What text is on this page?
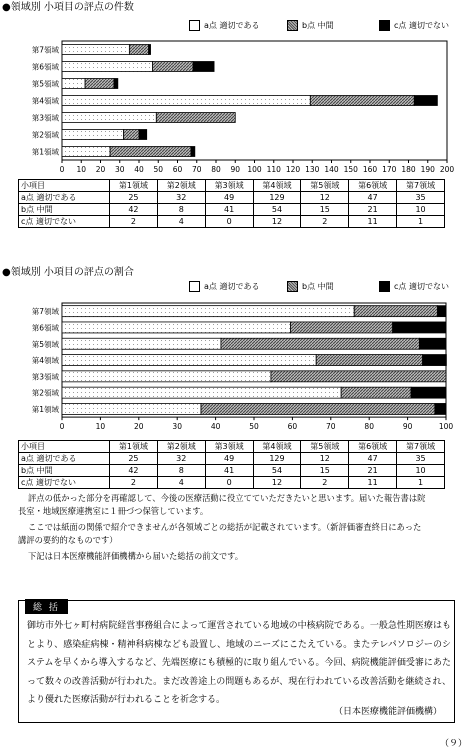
●領域別 小項目の評点の件数
a点 適切である	b点 中間	c点 適切でない
第7領域
第6領域
第5領域
第4領域
第3領域
第2領域
第1領域
0 10 20 30 40 50 60 70 80 90 100 110 120 130 140 150 160 170 180 190 200
小項目	第1領域	第2領域	第3領域	第4領域	第5領域	第6領域	第7領域
a点 適切である	25	32	49	129	12	47	35
b点 中間	42	8	41	54	15	21	10
c点 適切でない	2	4	0	12	2	11	1
●領域別 小項目の評点の割合
a点 適切である	b点 中間	c点 適切でない
第7領域
第6領域
第5領域
第4領域
第3領域
第2領域
第1領域
0	10	20	30	40	50	60	70	80	90	100
小項目	第1領域	第2領域	第3領域	第4領域	第5領域	第6領域	第7領域
a点 適切である	25	32	49	129	12	47	35
b点 中間	42	8	41	54	15	21	10
c点 適切でない	2	4	0	12	2	11	1
評点の低かった部分を再確認して、今後の医療活動に役立てていただきたいと思います。届いた報告書は院
長室・地域医療連携室に１冊づつ保管しています。
ここでは紙面の関係で紹介できませんが各領域ごとの総括が記載されています。（新評価審査終日にあった
講評の要約的なものです）
下記は日本医療機能評価機構から届いた総括の前文です。
総 括
御坊市外七ヶ町村病院経営事務組合によって運営されている地域の中核病院である。一般急性期医療はもとより、感染症病棟・精神科病棟なども設置し、地域のニーズにこたえている。またテレパソロジーのシステムを早くから導入するなど、先端医療にも積極的に取り組んでいる。今回、病院機能評価受審にあたって数々の改善活動が行われた。まだ改善途上の問題もあるが、現在行われている改善活動を継続され、より優れた医療活動が行われることを祈念する。
（日本医療機能評価機構）
（９）
